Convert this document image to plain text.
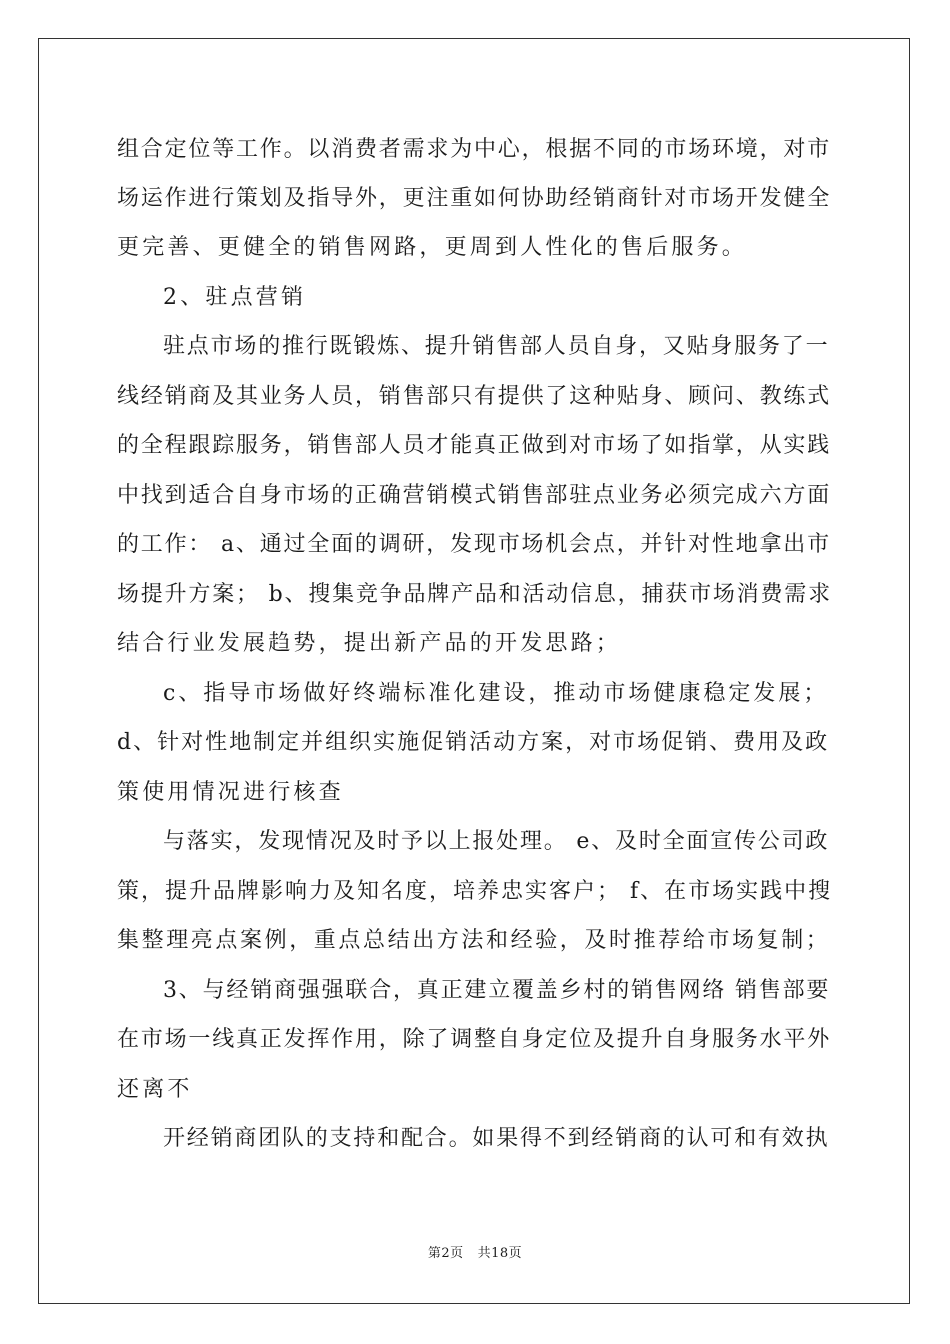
组合定位等工作。以消费者需求为中心，根据不同的市场环境，对市
场运作进行策划及指导外，更注重如何协助经销商针对市场开发健全
更完善、更健全的销售网路，更周到人性化的售后服务。
2、驻点营销
驻点市场的推行既锻炼、提升销售部人员自身，又贴身服务了一
线经销商及其业务人员，销售部只有提供了这种贴身、顾问、教练式
的全程跟踪服务，销售部人员才能真正做到对市场了如指掌，从实践
中找到适合自身市场的正确营销模式销售部驻点业务必须完成六方面
的工作： a、通过全面的调研，发现市场机会点，并针对性地拿出市
场提升方案； b、搜集竞争品牌产品和活动信息，捕获市场消费需求
结合行业发展趋势，提出新产品的开发思路；
c、指导市场做好终端标准化建设，推动市场健康稳定发展；
d、针对性地制定并组织实施促销活动方案，对市场促销、费用及政
策使用情况进行核查
与落实，发现情况及时予以上报处理。 e、及时全面宣传公司政
策，提升品牌影响力及知名度，培养忠实客户； f、在市场实践中搜
集整理亮点案例，重点总结出方法和经验，及时推荐给市场复制；
3、与经销商强强联合，真正建立覆盖乡村的销售网络 销售部要
在市场一线真正发挥作用，除了调整自身定位及提升自身服务水平外
还离不
开经销商团队的支持和配合。如果得不到经销商的认可和有效执
第2页 共18页
